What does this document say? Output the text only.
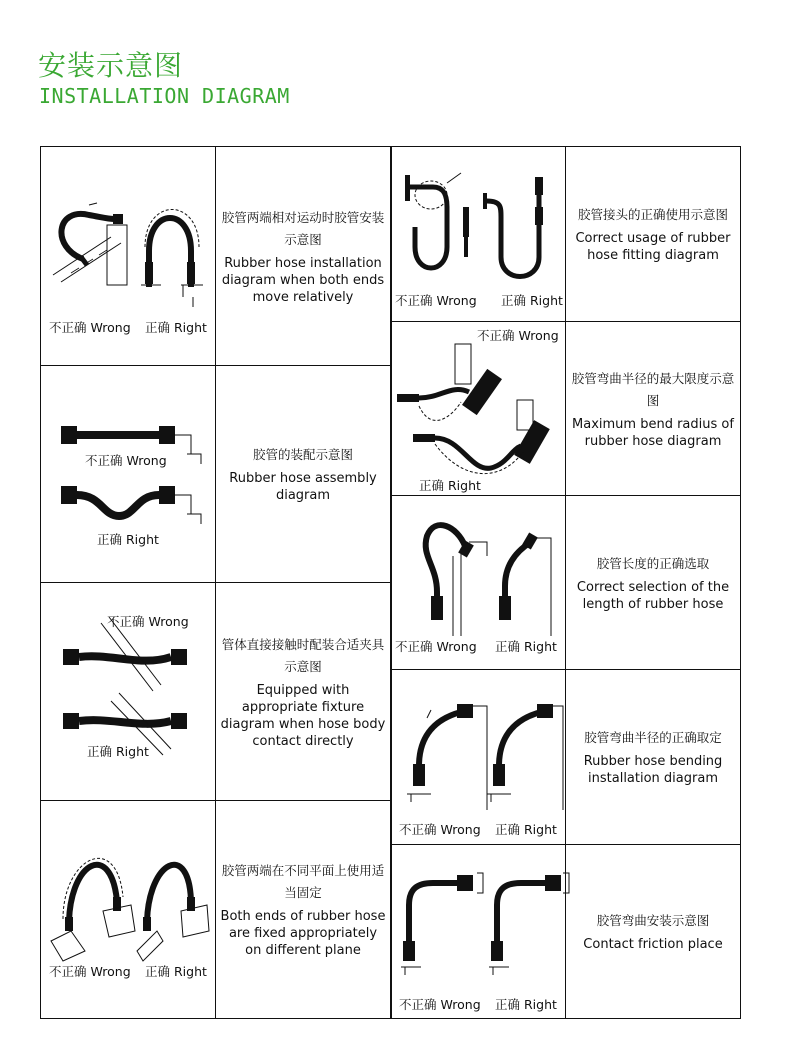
安装示意图
INSTALLATION DIAGRAM
不正确 Wrong 正确 Right
胶管两端相对运动时胶管安装示意图
Rubber hose installation diagram when both ends move relatively
不正确 Wrong
正确 Right
胶管的装配示意图
Rubber hose assembly diagram
不正确 Wrong
正确 Right
管体直接接触时配装合适夹具示意图
Equipped with appropriate fixture diagram when hose body contact directly
不正确 Wrong 正确 Right
胶管两端在不同平面上使用适当固定
Both ends of rubber hose are fixed appropriately on different plane
不正确 Wrong 正确 Right
胶管接头的正确使用示意图
Correct usage of rubber hose fitting diagram
不正确 Wrong
正确 Right
胶管弯曲半径的最大限度示意图
Maximum bend radius of rubber hose diagram
不正确 Wrong 正确 Right
胶管长度的正确选取
Correct selection of the length of rubber hose
不正确 Wrong 正确 Right
胶管弯曲半径的正确取定
Rubber hose bending installation diagram
不正确 Wrong 正确 Right
胶管弯曲安装示意图
Contact friction place
